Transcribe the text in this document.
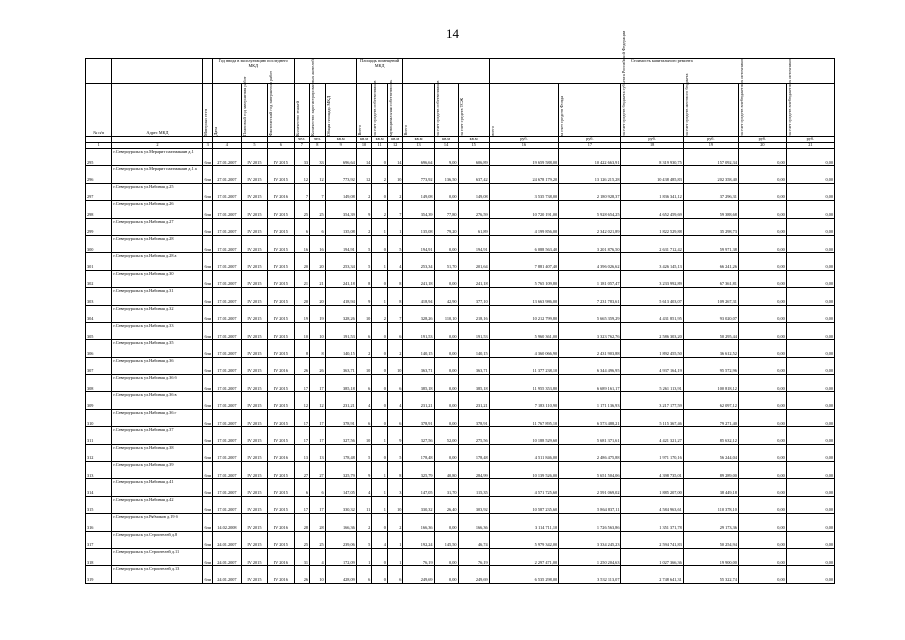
14
			Год ввода в эксплуатацию последнего МКД						Площадь помещений МКД						Стоимость капитального ремонта					

№ п/п	Адрес МКД	Материал стен	Дата	Плановый год завершения работ	Фактический год завершения работ	Количество этажей	Количество зарегистрированных жителей	Общая площадь МКД	Всего	за счет средств собственников	муниципальная собственность	Всего	за счет средств собственников	за счет средств ТСЖ	всего	за счет средств Фонда	за счет средств бюджета субъекта Российской Федерации	за счет средств местного бюджета	за счет средств внебюджетных источников	за счет средств внебюджетных источников

						чел.	чел.	кв.м	кв.м	кв.м	кв.м	кв.м	кв.м	кв.м	руб.	руб.	руб.	руб.	руб.	руб.
1	2	3	4	5	6	7	8	9	10	11	12	13	14	15	16	17	18	19	20	21
295	г.Североуральск ул.Мерарит пахтмакаян д.1	бли	27.01.2007	IV 2015	IV 2015	33	33	696,64	14	0	14	696,64	9,00	606,89	19 659 588,00	10 422 663,91	8 319 930,75	157 092,34	0,00	0,00
296	г.Североуральск ул.Мерарит пахтмакаян д.1 а	бли	27.01.2007	IV 2015	IV 2015	12	12	773,92	12	2	10	773,92	136,50	637,42	24 678 179,20	13 126 215,28	10 438 485,83	202 358,40	0,00	0,00
297	г.Североуральск ул.Набиная д.25	бли	17.01.2007	IV 2015	IV 2016	7	7	149,08	2	0	2	149,08	0,00	149,08	3 535 738,00	2 180 928,37	1 836 341,12	37 296,31	0,00	0,00
298	г.Североуральск ул.Набиная д.26	бли	17.01.2007	IV 2015	IV 2015	25	25	354,39	9	2	7	354,39	77,80	276,59	10 720 191,00	5 928 654,25	4 652 459,69	59 388,68	0,00	0,00
299	г.Североуральск ул.Набиная д.27	бли	17.01.2007	IV 2015	IV 2015	6	6	135,08	2	1	1	135,08	79,20	61,89	4 199 856,00	2 342 021,89	1 822 529,88	35 298,73	0,00	0,00
300	г.Североуральск ул.Набиная д.28	бли	17.01.2007	IV 2015	IV 2015	16	16	194,91	5	0	5	194,91	0,00	194,91	6 088 563,40	3 201 876,50	2 631 712,42	59 971,38	0,00	0,00
301	г.Североуральск ул.Набиная д.28 а	бли	17.01.2007	IV 2015	IV 2015	20	20	253,34	5	1	4	253,34	51,70	201,64	7 881 407,40	4 396 026,62	3 426 145,13	66 241,26	0,00	0,00
302	г.Североуральск ул.Набиная д.30	бли	17.01.2007	IV 2015	IV 2015	21	21	241,18	8	0	8	241,18	0,00	241,18	5 765 109,80	1 181 057,47	3 233 992,89	67 361,81	0,00	0,00
303	г.Североуральск ул.Набиная д.31	бли	17.01.2007	IV 2015	IV 2015	20	20	418,94	9	1	8	418,94	42,90	377,10	13 663 986,00	7 231 783,61	5 613 403,07	109 267,31	0,00	0,00
304	г.Североуральск ул.Набиная д.32	бли	17.01.2007	IV 2015	IV 2015	19	19	328,26	10	2	7	328,26	110,10	218,16	10 212 799,80	5 665 359,29	4 431 851,95	93 020,07	0,00	0,00
305	г.Североуральск ул.Набиная д.33	бли	17.01.2007	IV 2015	IV 2015	10	10	191,53	6	0	6	191,53	0,00	191,53	5 960 361,00	3 323 762,76	2 586 303,20	50 295,44	0,00	0,00
306	г.Североуральск ул.Набиная д.35	бли	17.01.2007	IV 2015	IV 2015	8	8	140,15	2	0	2	140,15	0,00	140,15	4 360 066,90	2 431 903,88	1 892 455,50	36 612,52	0,00	0,00
307	г.Североуральск ул.Набиная д.36	бли	17.01.2007	IV 2015	IV 2016	26	26	363,71	10	0	10	363,71	0,00	363,71	11 377 238,10	6 344 496,95	4 937 164,19	95 572,96	0,00	0,00
308	г.Североуральск ул.Набиная д.36 б	бли	17.01.2007	IV 2015	IV 2015	17	17	385,18	6	0	6	385,18	0,00	385,18	11 955 353,80	6 689 161,17	5 261 113,91	100 818,12	0,00	0,00
309	г.Североуральск ул.Набиная д.36 в	бли	17.01.2007	IV 2015	IV 2015	12	12	231,21	4	0	4	231,21	0,00	231,21	7 183 110,90	1 171 136,93	3 217 177,59	62 097,12	0,00	0,00
310	г.Североуральск ул.Набиная д.36 г	бли	17.01.2007	IV 2015	IV 2015	17	17	378,91	6	0	6	378,91	0,00	378,91	11 767 895,10	6 573 488,21	5 115 367,46	79 271,40	0,00	0,00
311	г.Североуральск ул.Набиная д.37	бли	17.01.2007	IV 2015	IV 2015	17	17	327,56	10	1	9	327,56	52,00	275,56	10 188 529,60	5 681 371,61	4 421 321,27	85 632,12	0,00	0,00
312	г.Североуральск ул.Набиная д.38	бли	17.01.2007	IV 2015	IV 2016	13	13	178,48	5	0	5	178,48	0,00	178,48	4 511 846,00	2 486 475,88	1 971 170,16	56 244,04	0,00	0,00
313	г.Североуральск ул.Набиная д.39	бли	17.01.2007	IV 2015	IV 2015	27	27	325,79	9	1	8	325,79	40,80	284,99	10 139 526,00	5 651 504,06	4 398 735,01	89 289,00	0,00	0,00
314	г.Североуральск ул.Набиная д.41	бли	17.01.2007	IV 2015	IV 2015	6	6	147,05	4	1	3	147,05	31,70	115,35	4 571 725,60	2 591 069,02	1 885 207,00	38 449,18	0,00	0,00
315	г.Североуральск ул.Набиная д.42	бли	17.01.2007	IV 2015	IV 2015	17	17	330,32	11	1	10	330,32	26,40	303,92	10 587 235,60	5 864 837,11	4 584 963,61	110 378,10	0,00	0,00
316	г.Североуральск ул.Рябчиков д.19 б	бли	14.02.2008	IV 2015	IV 2016	28	28	166,36	2	0	2	166,36	0,00	166,36	3 114 711,10	1 726 563,86	1 351 371,78	29 173,36	0,00	0,00
317	г.Североуральск ул.Строителей д.8	бли	24.01.2007	IV 2015	IV 2015	25	25	239,06	5	4	1	192,24	145,50	46,74	5 979 342,00	3 334 245,23	2 594 741,83	50 254,94	0,00	0,00
318	г.Североуральск ул.Строителей д.11	бли	24.01.2007	IV 2015	IV 2016	31	4	172,09	1	0	1	76,19	0,00	76,19	2 297 471,00	1 250 204,63	1 027 366,36	19 900,00	0,00	0,00
319	г.Североуральск ул.Строителей д.13	бли	24.01.2007	IV 2015	IV 2016	26	10	428,09	6	0	6	249,69	0,00	249,69	6 535 298,00	3 532 113,07	2 748 641,31	55 322,74	0,00	0,00
